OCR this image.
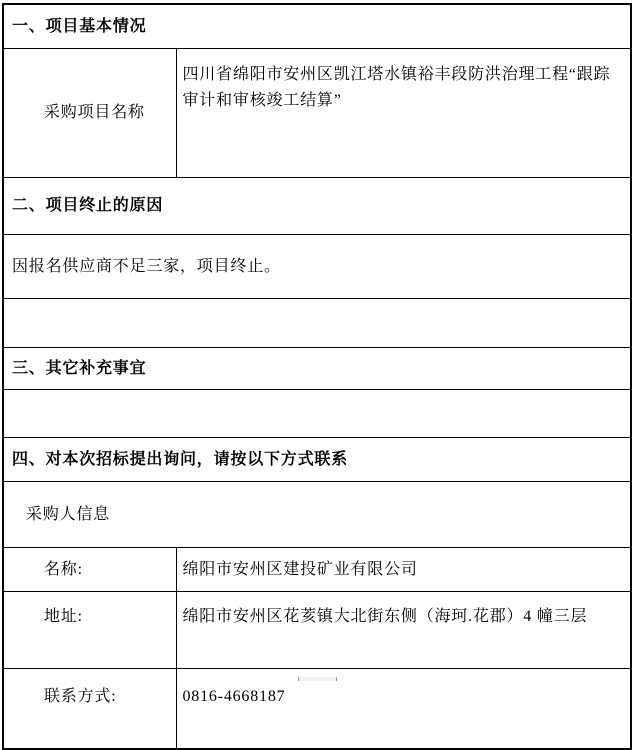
一、项目基本情况	
采购项目名称	四川省绵阳市安州区凯江塔水镇裕丰段防洪治理工程“跟踪审计和审核竣工结算”
二、项目终止的原因	
因报名供应商不足三家，项目终止。	

三、其它补充事宜	

四、对本次招标提出询问，请按以下方式联系	
采购人信息	
名称:	绵阳市安州区建投矿业有限公司
地址:	绵阳市安州区花荄镇大北街东侧（海珂.花郡）4 幢三层
联系方式:	0816-4668187
